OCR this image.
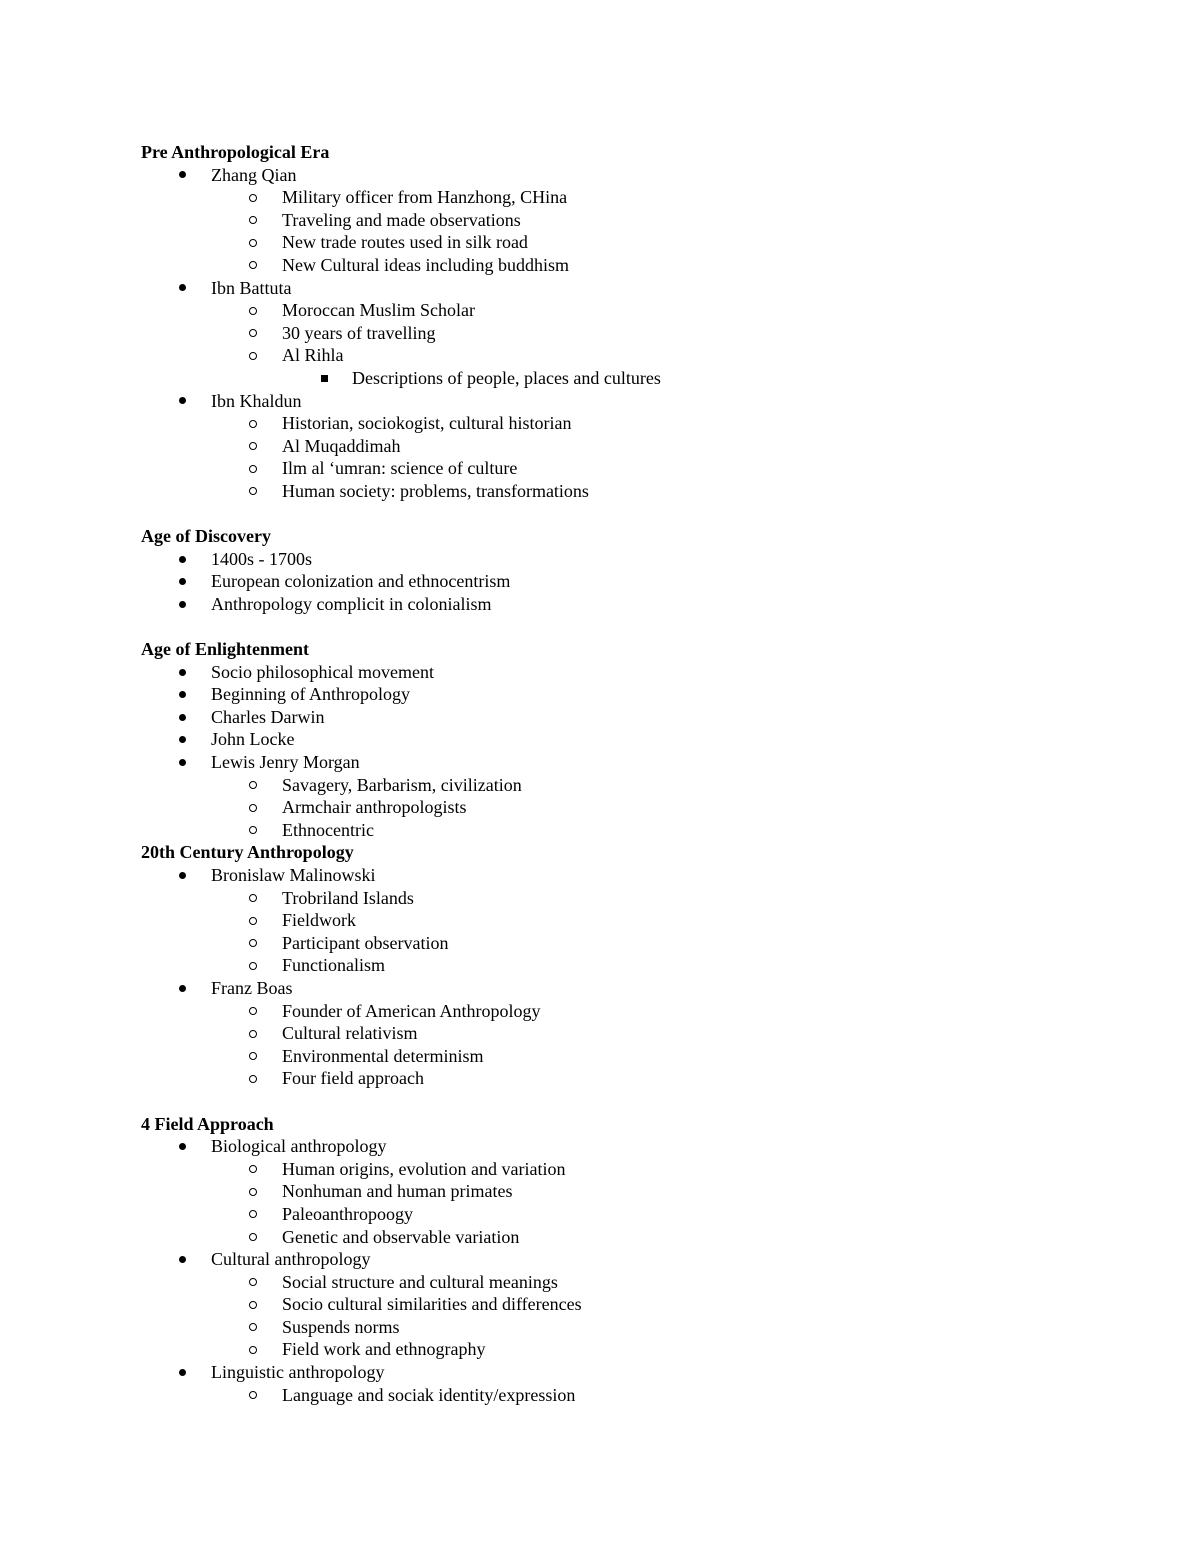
Pre Anthropological Era
Zhang Qian
Military officer from Hanzhong, CHina
Traveling and made observations
New trade routes used in silk road
New Cultural ideas including buddhism
Ibn Battuta
Moroccan Muslim Scholar
30 years of travelling
Al Rihla
Descriptions of people, places and cultures
Ibn Khaldun
Historian, sociokogist, cultural historian
Al Muqaddimah
Ilm al ‘umran: science of culture
Human society: problems, transformations
Age of Discovery
1400s - 1700s
European colonization and ethnocentrism
Anthropology complicit in colonialism
Age of Enlightenment
Socio philosophical movement
Beginning of Anthropology
Charles Darwin
John Locke
Lewis Jenry Morgan
Savagery, Barbarism, civilization
Armchair anthropologists
Ethnocentric
20th Century Anthropology
Bronislaw Malinowski
Trobriland Islands
Fieldwork
Participant observation
Functionalism
Franz Boas
Founder of American Anthropology
Cultural relativism
Environmental determinism
Four field approach
4 Field Approach
Biological anthropology
Human origins, evolution and variation
Nonhuman and human primates
Paleoanthropoogy
Genetic and observable variation
Cultural anthropology
Social structure and cultural meanings
Socio cultural similarities and differences
Suspends norms
Field work and ethnography
Linguistic anthropology
Language and sociak identity/expression
